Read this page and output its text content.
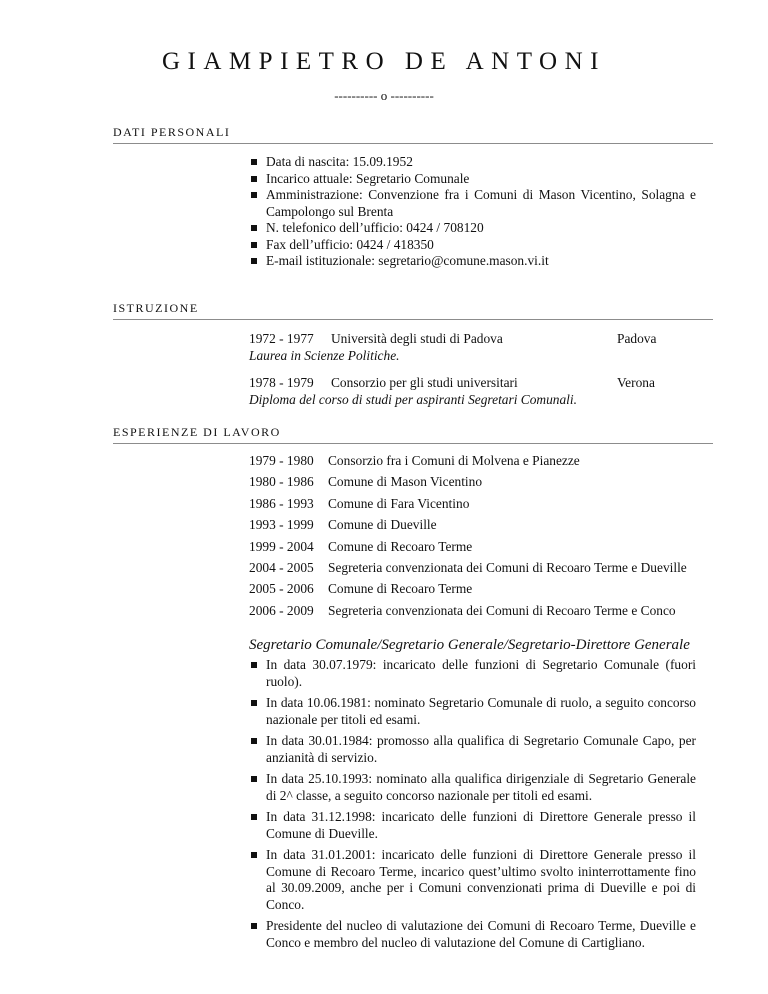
GIAMPIETRO DE ANTONI
---------- o ----------
DATI PERSONALI
Data di nascita: 15.09.1952
Incarico attuale: Segretario Comunale
Amministrazione: Convenzione fra i Comuni di Mason Vicentino, Solagna e Campolongo sul Brenta
N. telefonico dell’ufficio: 0424 / 708120
Fax dell’ufficio: 0424 / 418350
E-mail istituzionale: segretario@comune.mason.vi.it
ISTRUZIONE
1972 - 1977 Università degli studi di Padova	Padova
Laurea in Scienze Politiche.
1978 - 1979 Consorzio per gli studi universitari	Verona
Diploma del corso di studi per aspiranti Segretari Comunali.
ESPERIENZE DI LAVORO
1979 - 1980	Consorzio fra i Comuni di Molvena e Pianezze
1980 - 1986	Comune di Mason Vicentino
1986 - 1993	Comune di Fara Vicentino
1993 - 1999	Comune di Dueville
1999 - 2004	Comune di Recoaro Terme
2004 - 2005	Segreteria convenzionata dei Comuni di Recoaro Terme e Dueville
2005 - 2006	Comune di Recoaro Terme
2006 - 2009	Segreteria convenzionata dei Comuni di Recoaro Terme e Conco
Segretario Comunale/Segretario Generale/Segretario-Direttore Generale
In data 30.07.1979: incaricato delle funzioni di Segretario Comunale (fuori ruolo).
In data 10.06.1981: nominato Segretario Comunale di ruolo, a seguito concorso nazionale per titoli ed esami.
In data 30.01.1984: promosso alla qualifica di Segretario Comunale Capo, per anzianità di servizio.
In data 25.10.1993: nominato alla qualifica dirigenziale di Segretario Generale di 2^ classe, a seguito concorso nazionale per titoli ed esami.
In data 31.12.1998: incaricato delle funzioni di Direttore Generale presso il Comune di Dueville.
In data 31.01.2001: incaricato delle funzioni di Direttore Generale presso il Comune di Recoaro Terme, incarico quest’ultimo svolto ininterrottamente fino al 30.09.2009, anche per i Comuni convenzionati prima di Dueville e poi di Conco.
Presidente del nucleo di valutazione dei Comuni di Recoaro Terme, Dueville e Conco e membro del nucleo di valutazione del Comune di Cartigliano.
